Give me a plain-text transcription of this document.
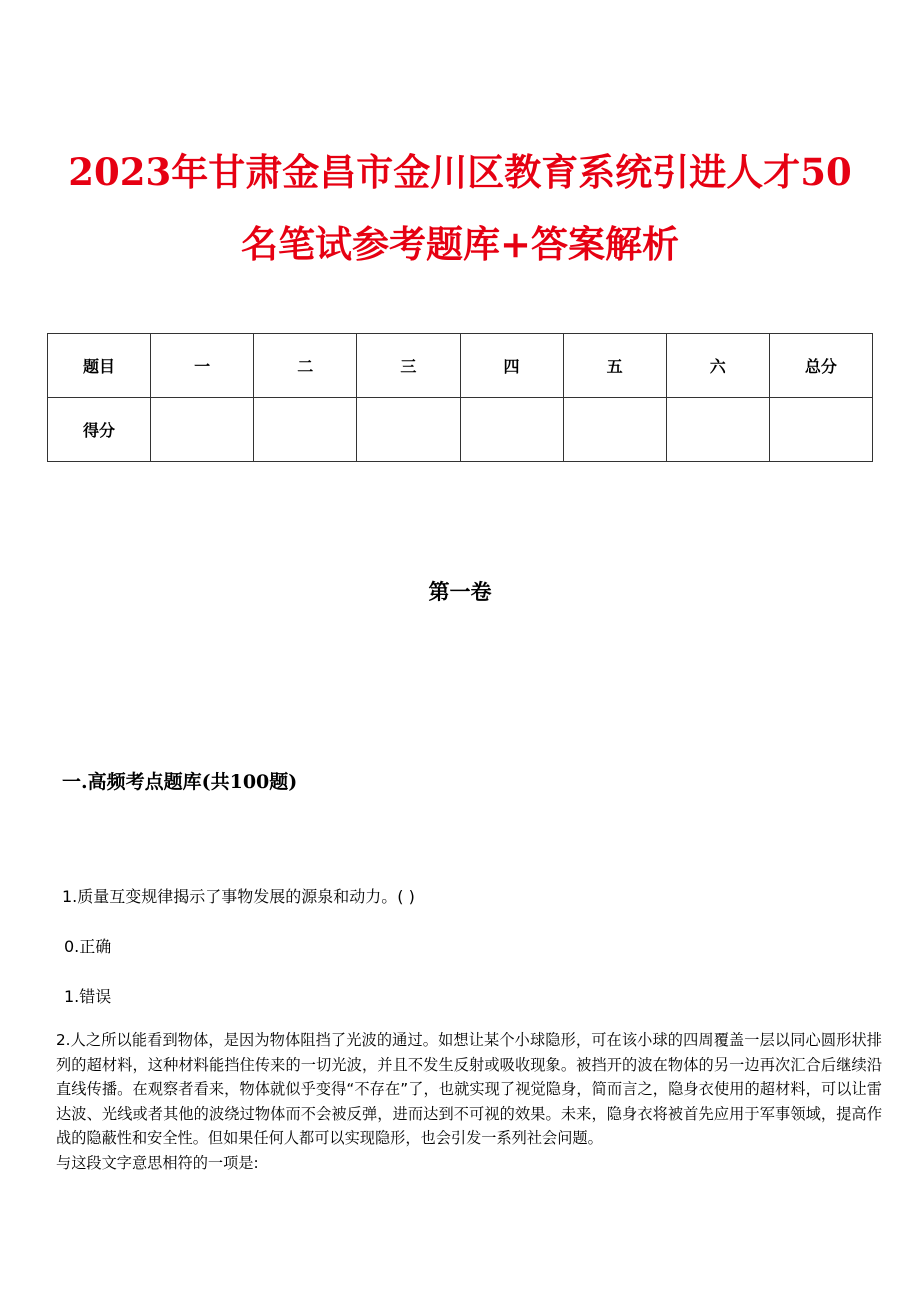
2023年甘肃金昌市金川区教育系统引进人才50
名笔试参考题库+答案解析
题目	一	二	三	四	五	六	总分
得分							
第一卷
一.高频考点题库(共100题)
1.质量互变规律揭示了事物发展的源泉和动力。( )
0.正确
1.错误
2.人之所以能看到物体，是因为物体阻挡了光波的通过。如想让某个小球隐形，可在该小球的四周覆盖一层以同心圆形状排列的超材料，这种材料能挡住传来的一切光波，并且不发生反射或吸收现象。被挡开的波在物体的另一边再次汇合后继续沿直线传播。在观察者看来，物体就似乎变得“不存在”了，也就实现了视觉隐身，简而言之，隐身衣使用的超材料，可以让雷达波、光线或者其他的波绕过物体而不会被反弹，进而达到不可视的效果。未来，隐身衣将被首先应用于军事领域，提高作战的隐蔽性和安全性。但如果任何人都可以实现隐形，也会引发一系列社会问题。
与这段文字意思相符的一项是:
